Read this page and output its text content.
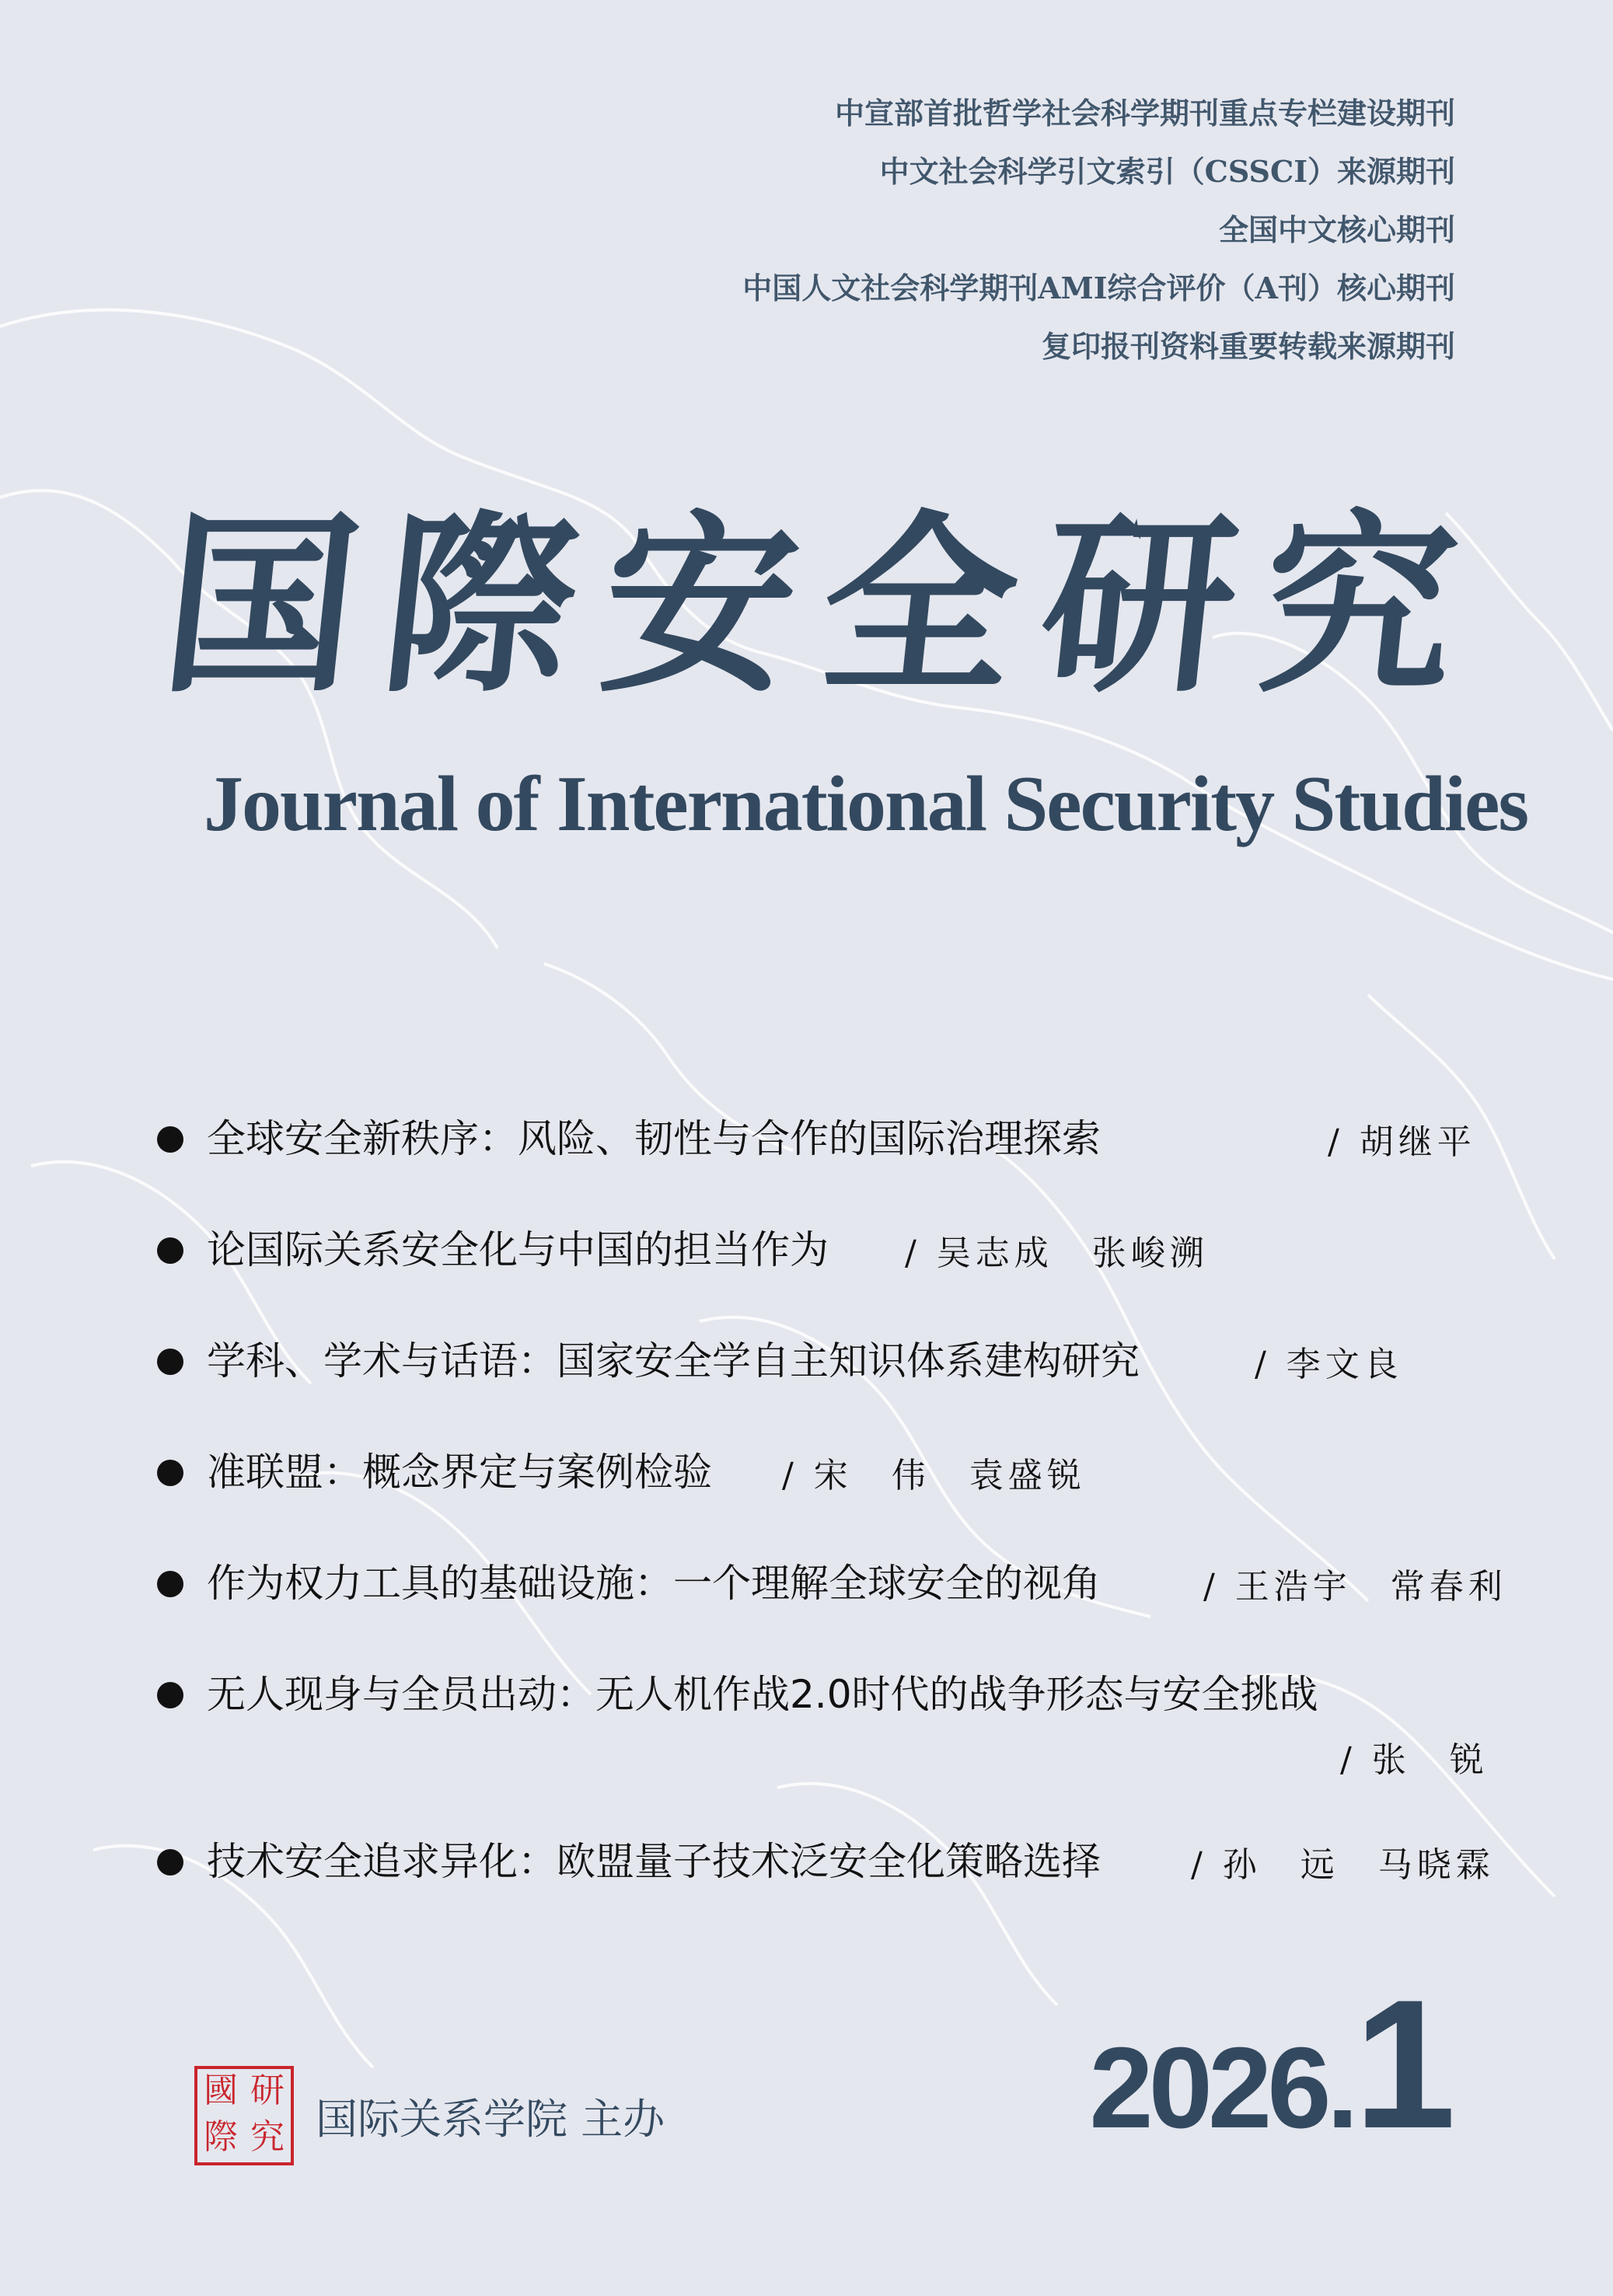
中宣部首批哲学社会科学期刊重点专栏建设期刊
中文社会科学引文索引（CSSCI）来源期刊
全国中文核心期刊
中国人文社会科学期刊AMI综合评价（A刊）核心期刊
复印报刊资料重要转载来源期刊
国 際 安 全 研 究
Journal of International Security Studies
全球安全新秩序：风险、韧性与合作的国际治理探索	/ 胡继平
论国际关系安全化与中国的担当作为 / 吴志成　张峻溯
学科、学术与话语：国家安全学自主知识体系建构研究	/ 李文良
准联盟：概念界定与案例检验 / 宋　伟　袁盛锐
作为权力工具的基础设施：一个理解全球安全的视角	/ 王浩宇　常春利
无人现身与全员出动：无人机作战2.0时代的战争形态与安全挑战
/ 张　锐
技术安全追求异化：欧盟量子技术泛安全化策略选择	/ 孙　远　马晓霖
國 研
際 究 国际关系学院 主办	2026.1
